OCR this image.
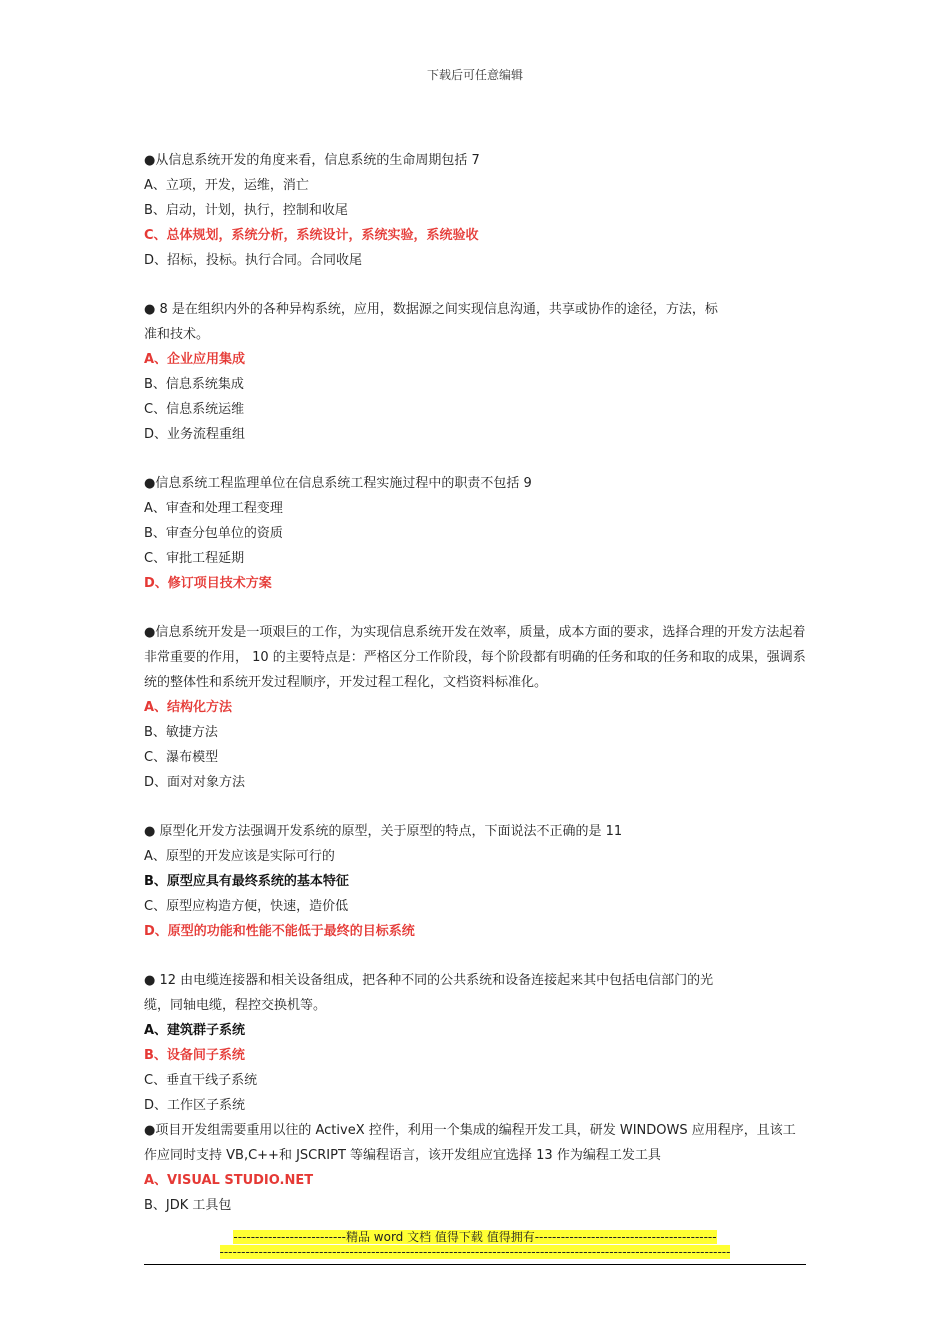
下载后可任意编辑

●从信息系统开发的角度来看，信息系统的生命周期包括 7

A、立项，开发，运维，消亡

B、启动，计划，执行，控制和收尾

C、总体规划，系统分析，系统设计，系统实验，系统验收

D、招标，投标。执行合同。合同收尾

● 8 是在组织内外的各种异构系统，应用，数据源之间实现信息沟通，共享或协作的途径，方法，标准和技术。

A、企业应用集成

B、信息系统集成

C、信息系统运维

D、业务流程重组

●信息系统工程监理单位在信息系统工程实施过程中的职责不包括 9

A、审查和处理工程变理

B、审查分包单位的资质

C、审批工程延期

D、修订项目技术方案

●信息系统开发是一项艰巨的工作，为实现信息系统开发在效率，质量，成本方面的要求，选择合理的开发方法起着非常重要的作用， 10 的主要特点是：严格区分工作阶段，每个阶段都有明确的任务和取的任务和取的成果，强调系统的整体性和系统开发过程顺序，开发过程工程化，文档资料标准化。

A、结构化方法

B、敏捷方法

C、瀑布模型

D、面对对象方法

● 原型化开发方法强调开发系统的原型，关于原型的特点，下面说法不正确的是 11

A、原型的开发应该是实际可行的

B、原型应具有最终系统的基本特征

C、原型应构造方便，快速，造价低

D、原型的功能和性能不能低于最终的目标系统

● 12 由电缆连接器和相关设备组成，把各种不同的公共系统和设备连接起来其中包括电信部门的光缆，同轴电缆，程控交换机等。

A、建筑群子系统

B、设备间子系统

C、垂直干线子系统

D、工作区子系统

●项目开发组需要重用以往的 ActiveX 控件，利用一个集成的编程开发工具，研发 WINDOWS 应用程序，且该工作应同时支持 VB,C++和 JSCRIPT 等编程语言，该开发组应宜选择 13 作为编程工发工具

A、VISUAL STUDIO.NET

B、JDK 工具包

--------------------------精品 word 文档 值得下载 值得拥有------------------------------------------
----------------------------------------------------------------------------------------------------------------------
